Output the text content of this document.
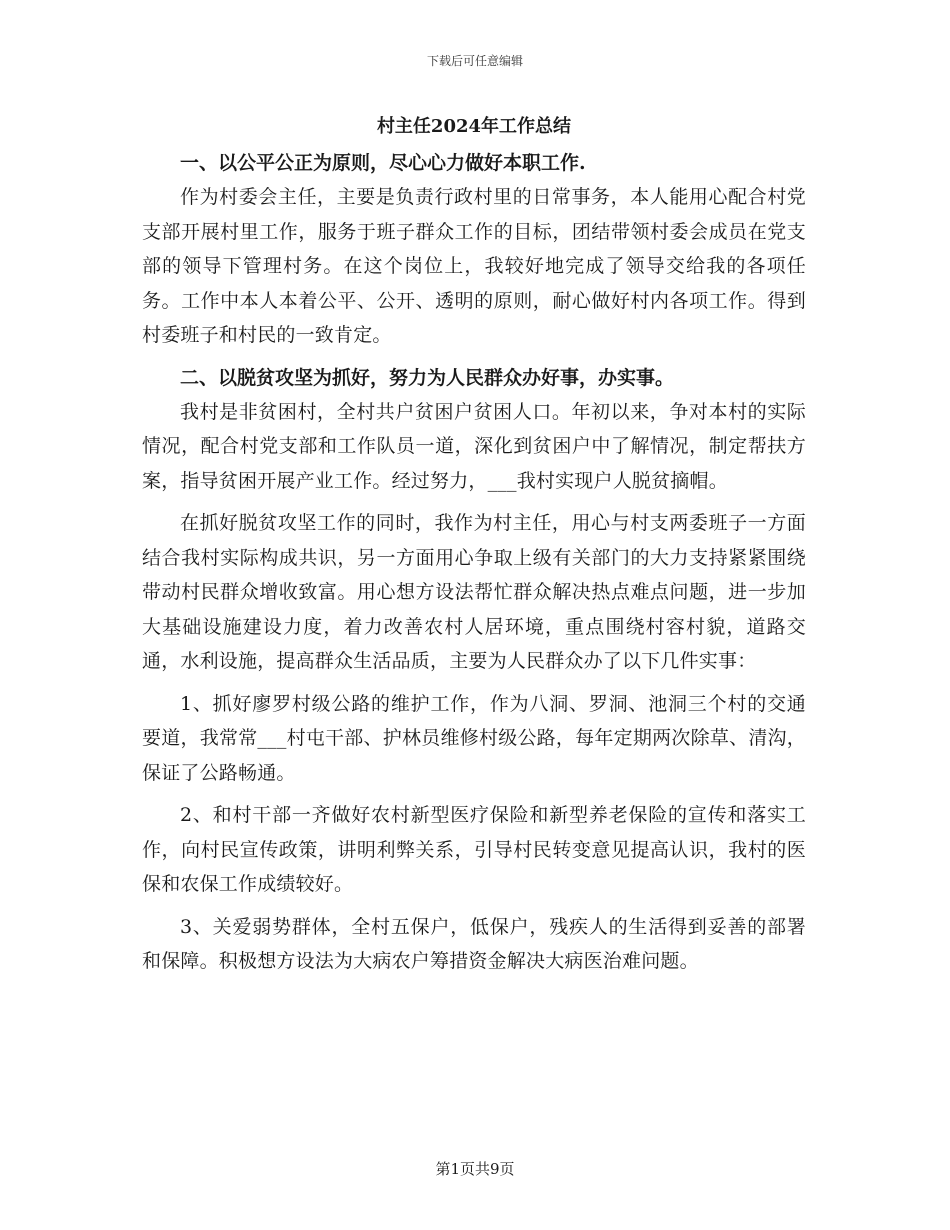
下载后可任意编辑
村主任2024年工作总结
一、以公平公正为原则，尽心心力做好本职工作.

作为村委会主任，主要是负责行政村里的日常事务，本人能用心配合村党支部开展村里工作，服务于班子群众工作的目标，团结带领村委会成员在党支部的领导下管理村务。在这个岗位上，我较好地完成了领导交给我的各项任务。工作中本人本着公平、公开、透明的原则，耐心做好村内各项工作。得到村委班子和村民的一致肯定。

二、以脱贫攻坚为抓好，努力为人民群众办好事，办实事。

我村是非贫困村，全村共户贫困户贫困人口。年初以来，争对本村的实际情况，配合村党支部和工作队员一道，深化到贫困户中了解情况，制定帮扶方案，指导贫困开展产业工作。经过努力，___我村实现户人脱贫摘帽。

在抓好脱贫攻坚工作的同时，我作为村主任，用心与村支两委班子一方面结合我村实际构成共识，另一方面用心争取上级有关部门的大力支持紧紧围绕带动村民群众增收致富。用心想方设法帮忙群众解决热点难点问题，进一步加大基础设施建设力度，着力改善农村人居环境，重点围绕村容村貌，道路交通，水利设施，提高群众生活品质，主要为人民群众办了以下几件实事：

1、抓好廖罗村级公路的维护工作，作为八洞、罗洞、池洞三个村的交通要道，我常常___村屯干部、护林员维修村级公路，每年定期两次除草、清沟，保证了公路畅通。

2、和村干部一齐做好农村新型医疗保险和新型养老保险的宣传和落实工作，向村民宣传政策，讲明利弊关系，引导村民转变意见提高认识，我村的医保和农保工作成绩较好。

3、关爱弱势群体，全村五保户，低保户，残疾人的生活得到妥善的部署和保障。积极想方设法为大病农户筹措资金解决大病医治难问题。

第1页共9页
